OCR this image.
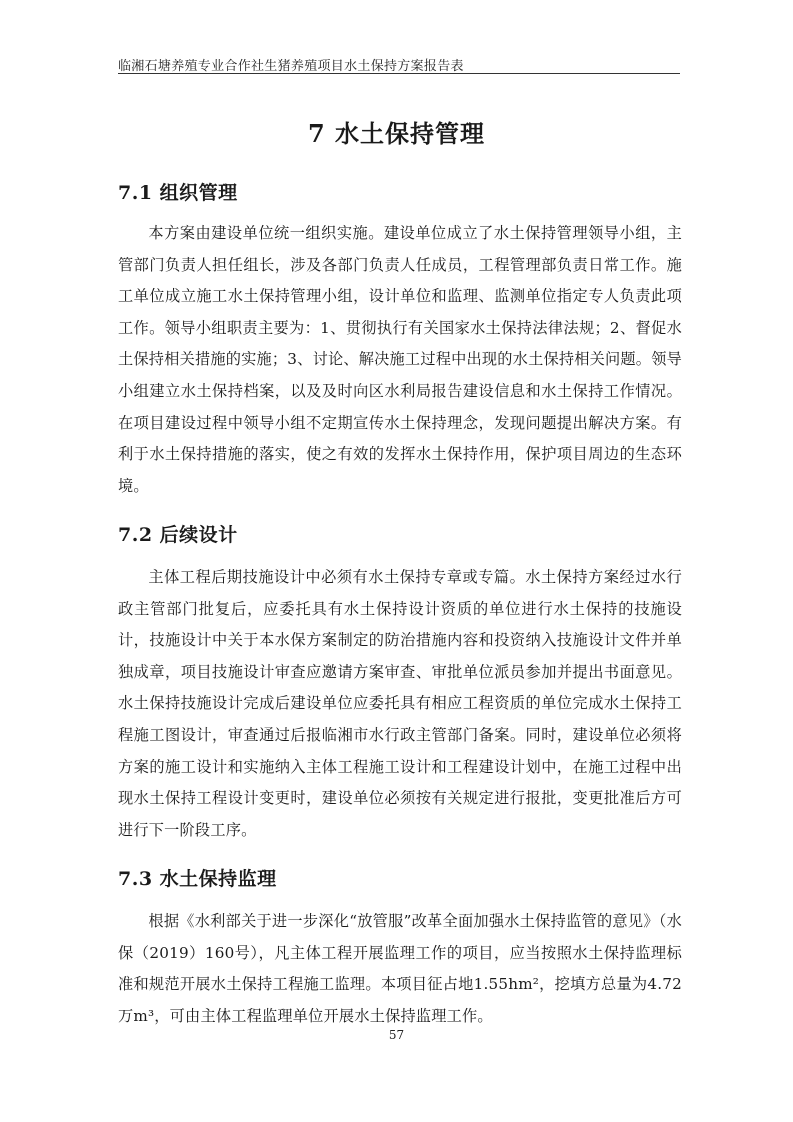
临湘石塘养殖专业合作社生猪养殖项目水土保持方案报告表
7 水土保持管理
7.1 组织管理
本方案由建设单位统一组织实施。建设单位成立了水土保持管理领导小组，主管部门负责人担任组长，涉及各部门负责人任成员，工程管理部负责日常工作。施工单位成立施工水土保持管理小组，设计单位和监理、监测单位指定专人负责此项工作。领导小组职责主要为：1、贯彻执行有关国家水土保持法律法规；2、督促水土保持相关措施的实施；3、讨论、解决施工过程中出现的水土保持相关问题。领导小组建立水土保持档案，以及及时向区水利局报告建设信息和水土保持工作情况。在项目建设过程中领导小组不定期宣传水土保持理念，发现问题提出解决方案。有利于水土保持措施的落实，使之有效的发挥水土保持作用，保护项目周边的生态环境。
7.2 后续设计
主体工程后期技施设计中必须有水土保持专章或专篇。水土保持方案经过水行政主管部门批复后，应委托具有水土保持设计资质的单位进行水土保持的技施设计，技施设计中关于本水保方案制定的防治措施内容和投资纳入技施设计文件并单独成章，项目技施设计审查应邀请方案审查、审批单位派员参加并提出书面意见。水土保持技施设计完成后建设单位应委托具有相应工程资质的单位完成水土保持工程施工图设计，审查通过后报临湘市水行政主管部门备案。同时，建设单位必须将方案的施工设计和实施纳入主体工程施工设计和工程建设计划中，在施工过程中出现水土保持工程设计变更时，建设单位必须按有关规定进行报批，变更批准后方可进行下一阶段工序。
7.3 水土保持监理
根据《水利部关于进一步深化“放管服”改革全面加强水土保持监管的意见》（水保（2019）160号），凡主体工程开展监理工作的项目，应当按照水土保持监理标准和规范开展水土保持工程施工监理。本项目征占地1.55hm²，挖填方总量为4.72万m³，可由主体工程监理单位开展水土保持监理工作。
57
